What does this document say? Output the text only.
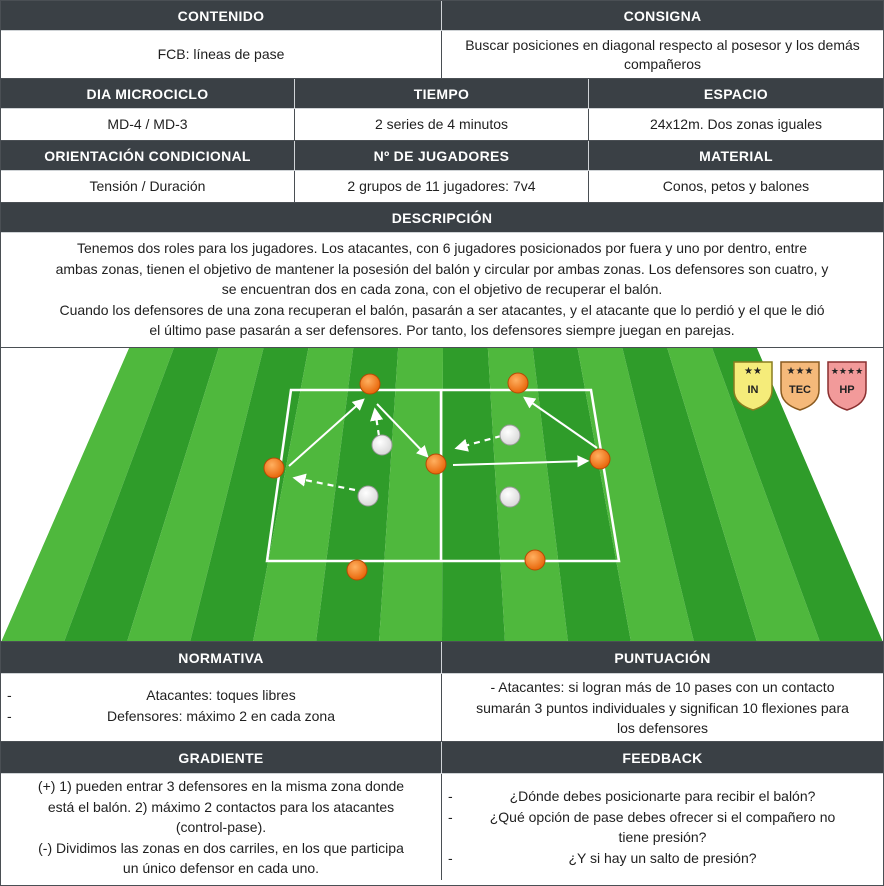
CONTENIDO	CONSIGNA
FCB: líneas de pase
Buscar posiciones en diagonal respecto al posesor y los demás compañeros
DIA MICROCICLO	TIEMPO	ESPACIO
MD-4 / MD-3	2 series de 4 minutos	24x12m. Dos zonas iguales
ORIENTACIÓN CONDICIONAL	Nº DE JUGADORES	MATERIAL
Tensión / Duración	2 grupos de 11 jugadores: 7v4	Conos, petos y balones
DESCRIPCIÓN
Tenemos dos roles para los jugadores. Los atacantes, con 6 jugadores posicionados por fuera y uno por dentro, entre
ambas zonas, tienen el objetivo de mantener la posesión del balón y circular por ambas zonas. Los defensores son cuatro, y
se encuentran dos en cada zona, con el objetivo de recuperar el balón.
Cuando los defensores de una zona recuperan el balón, pasarán a ser atacantes, y el atacante que lo perdió y el que le dió
el último pase pasarán a ser defensores. Por tanto, los defensores siempre juegan en parejas.
★★
IN
★★★
TEC
★★★★
HP
NORMATIVA	PUNTUACIÓN
-	Atacantes: toques libres
-	Defensores: máximo 2 en cada zona
- Atacantes: si logran más de 10 pases con un contacto
sumarán 3 puntos individuales y significan 10 flexiones para
los defensores
GRADIENTE	FEEDBACK
(+) 1) pueden entrar 3 defensores en la misma zona donde
está el balón. 2) máximo 2 contactos para los atacantes
(control-pase).
(-) Dividimos las zonas en dos carriles, en los que participa
un único defensor en cada uno.
-	¿Dónde debes posicionarte para recibir el balón?
-	¿Qué opción de pase debes ofrecer si el compañero no
tiene presión?
-	¿Y si hay un salto de presión?
